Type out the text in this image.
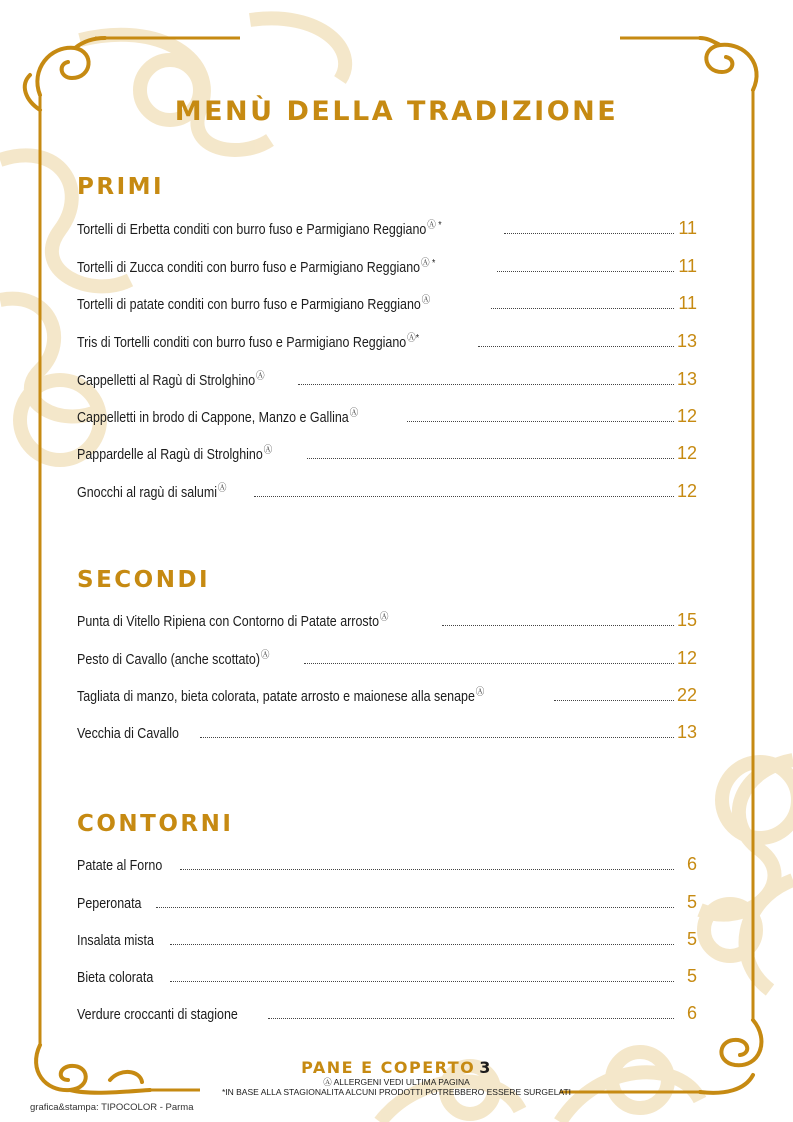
MENÙ DELLA TRADIZIONE
PRIMI
Tortelli di Erbetta conditi con burro fuso e Parmigiano ReggianoⒶ *	11
Tortelli di Zucca conditi con burro fuso e Parmigiano ReggianoⒶ *	11
Tortelli di patate conditi con burro fuso e Parmigiano ReggianoⒶ	11
Tris di Tortelli conditi con burro fuso e Parmigiano ReggianoⒶ*	13
Cappelletti al Ragù di StrolghinoⒶ	13
Cappelletti in brodo di Cappone, Manzo e GallinaⒶ	12
Pappardelle al Ragù di StrolghinoⒶ	12
Gnocchi al ragù di salumiⒶ	12
SECONDI
Punta di Vitello Ripiena con Contorno di Patate arrostoⒶ	15
Pesto di Cavallo (anche scottato)Ⓐ	12
Tagliata di manzo, bieta colorata, patate arrosto e maionese alla senapeⒶ	22
Vecchia di Cavallo	13
CONTORNI
Patate al Forno	6
Peperonata	5
Insalata mista	5
Bieta colorata	5
Verdure croccanti di stagione	6
PANE E COPERTO 3
Ⓐ ALLERGENI VEDI ULTIMA PAGINA
*IN BASE ALLA STAGIONALITA ALCUNI PRODOTTI POTREBBERO ESSERE SURGELATI
grafica&stampa: TIPOCOLOR - Parma
